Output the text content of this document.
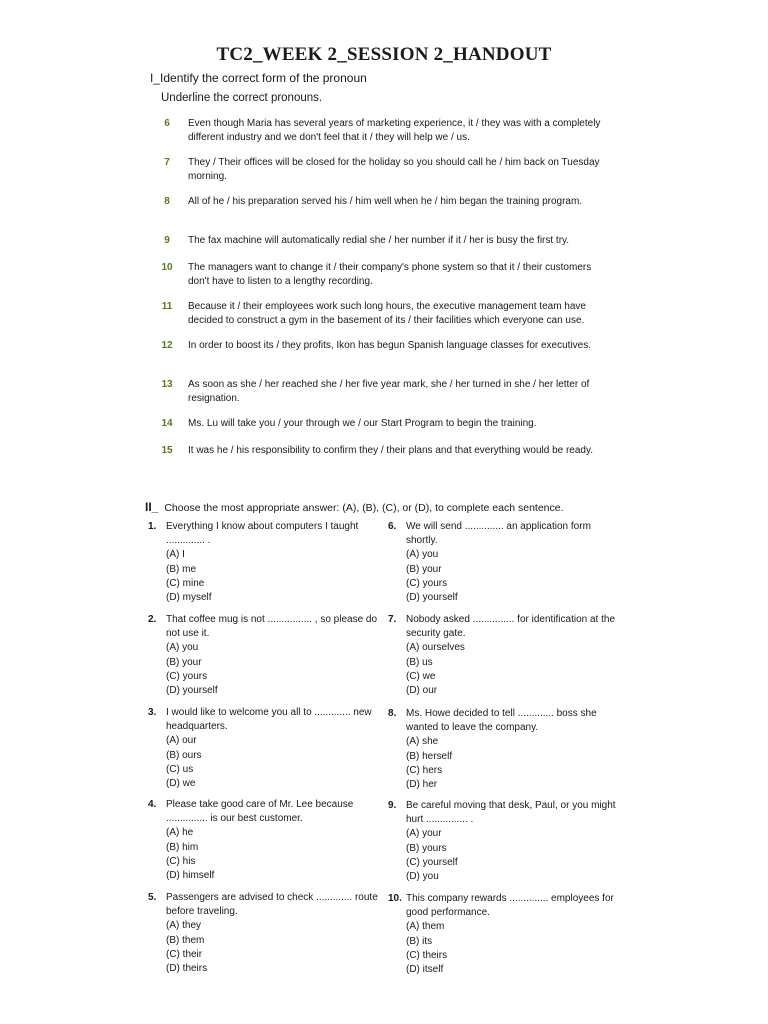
TC2_WEEK 2_SESSION 2_HANDOUT
I_Identify the correct form of the pronoun
Underline the correct pronouns.
6	Even though Maria has several years of marketing experience, it / they was with a completely different industry and we don't feel that it / they will help we / us.
7	They / Their offices will be closed for the holiday so you should call he / him back on Tuesday morning.
8	All of he / his preparation served his / him well when he / him began the training program.
9	The fax machine will automatically redial she / her number if it / her is busy the first try.
10	The managers want to change it / their company's phone system so that it / their customers don't have to listen to a lengthy recording.
11	Because it / their employees work such long hours, the executive management team have decided to construct a gym in the basement of its / their facilities which everyone can use.
12	In order to boost its / they profits, Ikon has begun Spanish language classes for executives.
13	As soon as she / her reached she / her five year mark, she / her turned in she / her letter of resignation.
14	Ms. Lu will take you / your through we / our Start Program to begin the training.
15	It was he / his responsibility to confirm they / their plans and that everything would be ready.
II_ Choose the most appropriate answer: (A), (B), (C), or (D), to complete each sentence.
1. Everything I know about computers I taught .............. .
(A) I
(B) me
(C) mine
(D) myself
2. That coffee mug is not ................ , so please do not use it.
(A) you
(B) your
(C) yours
(D) yourself
3. I would like to welcome you all to ............. new headquarters.
(A) our
(B) ours
(C) us
(D) we
4. Please take good care of Mr. Lee because ............... is our best customer.
(A) he
(B) him
(C) his
(D) himself
5. Passengers are advised to check ............. route before traveling.
(A) they
(B) them
(C) their
(D) theirs
6. We will send .............. an application form shortly.
(A) you
(B) your
(C) yours
(D) yourself
7. Nobody asked ............... for identification at the security gate.
(A) ourselves
(B) us
(C) we
(D) our
8. Ms. Howe decided to tell ............. boss she wanted to leave the company.
(A) she
(B) herself
(C) hers
(D) her
9. Be careful moving that desk, Paul, or you might hurt ............... .
(A) your
(B) yours
(C) yourself
(D) you
10. This company rewards .............. employees for good performance.
(A) them
(B) its
(C) theirs
(D) itself
